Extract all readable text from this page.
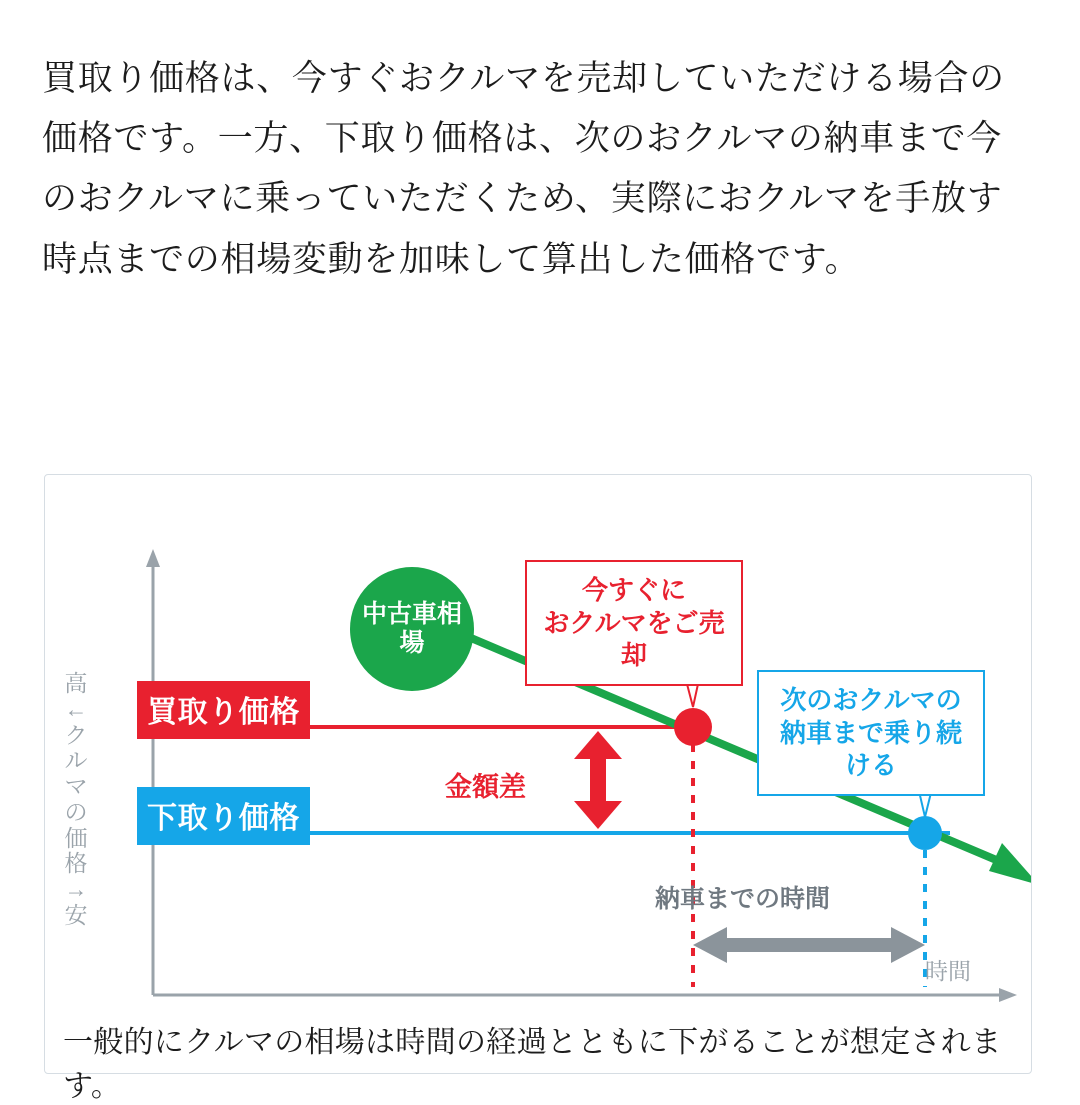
買取り価格は、今すぐおクルマを売却していただける場合の価格です。一方、下取り価格は、次のおクルマの納車まで今のおクルマに乗っていただくため、実際におクルマを手放す時点までの相場変動を加味して算出した価格です。

高←クルマの価格→安
時間
買取り価格
下取り価格
中古車相場
今すぐに
おクルマをご売却
次のおクルマの
納車まで乗り続ける
金額差
納車までの時間
一般的にクルマの相場は時間の経過とともに下がることが想定されます。
